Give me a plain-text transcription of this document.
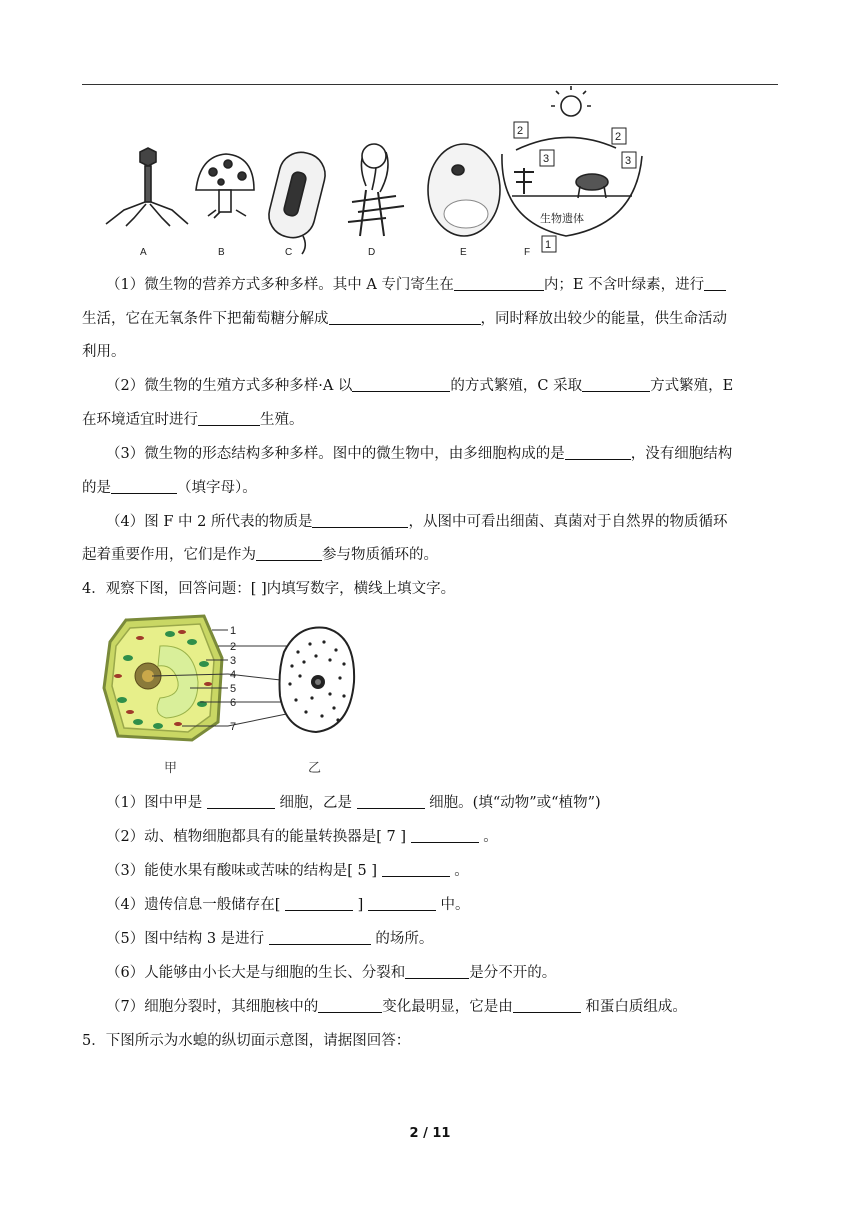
2
3
2
3
1
生物遗体
A	B	C	D	E	F
（1）微生物的营养方式多种多样。其中 A 专门寄生在	内；E 不含叶绿素，进行
生活，它在无氧条件下把葡萄糖分解成	，同时释放出较少的能量，供生命活动
利用。
（2）微生物的生殖方式多种多样·A 以	的方式繁殖，C 采取	方式繁殖，E
在环境适宜时进行	生殖。
（3）微生物的形态结构多种多样。图中的微生物中，由多细胞构成的是	，没有细胞结构
的是	（填字母）。
（4）图 F 中 2 所代表的物质是	，从图中可看出细菌、真菌对于自然界的物质循环
起着重要作用，它们是作为	参与物质循环的。
4．观察下图，回答问题：[ ]内填写数字，横线上填文字。
1
2
3
4
5
6
7
甲	乙
（1）图中甲是	细胞，乙是	细胞。(填“动物”或“植物”)
（2）动、植物细胞都具有的能量转换器是[ 7 ]	。
（3）能使水果有酸味或苦味的结构是[ 5 ]	。
（4）遗传信息一般储存在[	]	中。
（5）图中结构 3 是进行	的场所。
（6）人能够由小长大是与细胞的生长、分裂和	是分不开的。
（7）细胞分裂时，其细胞核中的	变化最明显，它是由	和蛋白质组成。
5．下图所示为水螅的纵切面示意图，请据图回答：
2 / 11
